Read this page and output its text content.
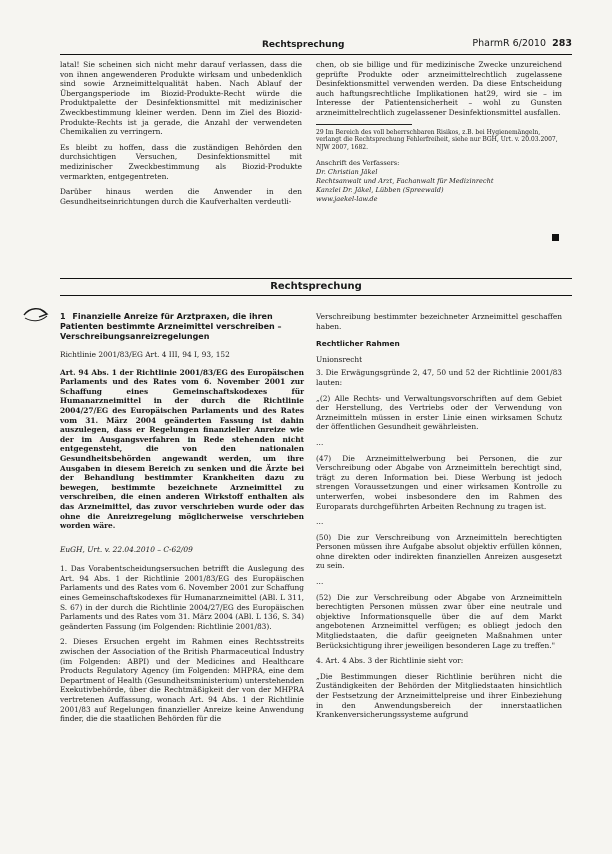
Rechtsprechung	PharmR 6/2010 283

latal! Sie scheinen sich nicht mehr darauf verlassen, dass die von ihnen angewenderen Produkte wirksam und unbedenklich sind sowie Arzneimittelqualität haben. Nach Ablauf der Übergangsperiode im Biozid-Produkte-Recht würde die Produktpalette der Desinfektionsmittel mit medizinischer Zweckbestimmung kleiner werden. Denn im Ziel des Biozid-Produkte-Rechts ist ja gerade, die Anzahl der verwendeten Chemikalien zu verringern.

Es bleibt zu hoffen, dass die zuständigen Behörden den durchsichtigen Versuchen, Desinfektionsmittel mit medizinischer Zweckbestimmung als Biozid-Produkte vermarkten, entgegentreten.

Darüber hinaus werden die Anwender in den Gesundheitseinrichtungen durch die Kaufverhalten verdeutli-

chen, ob sie billige und für medizinische Zwecke unzureichend geprüfte Produkte oder arzneimittelrechtlich zugelassene Desinfektionsmittel verwenden werden. Da diese Entscheidung auch haftungsrechtliche Implikationen hat29, wird sie – im Interesse der Patientensicherheit – wohl zu Gunsten arzneimittelrechtlich zugelassener Desinfektionsmittel ausfallen.

29 Im Bereich des voll beherrschbaren Risikos, z.B. bei Hygienemängeln, verlangt die Rechtsprechung Fehlerfreiheit, siehe nur BGH, Urt. v. 20.03.2007, NJW 2007, 1682.
Anschrift des Verfassers:
Dr. Christian Jäkel
Rechtsanwalt und Arzt, Fachanwalt für Medizinrecht
Kanzlei Dr. Jäkel, Lübben (Spreewald)
www.jaekel-law.de
Rechtsprechung
1 Finanzielle Anreize für Arztpraxen, die ihren Patienten bestimmte Arzneimittel verschreiben – Verschreibungsanreizregelungen
Richtlinie 2001/83/EG Art. 4 III, 94 I, 93, 152

Art. 94 Abs. 1 der Richtlinie 2001/83/EG des Europäischen Parlaments und des Rates vom 6. November 2001 zur Schaffung eines Gemeinschaftskodexes für Humanarzneimittel in der durch die Richtlinie 2004/27/EG des Europäischen Parlaments und des Rates vom 31. März 2004 geänderten Fassung ist dahin auszulegen, dass er Regelungen finanzieller Anreize wie der im Ausgangsverfahren in Rede stehenden nicht entgegensteht, die von den nationalen Gesundheitsbehörden angewandt werden, um ihre Ausgaben in diesem Bereich zu senken und die Ärzte bei der Behandlung bestimmter Krankheiten dazu zu bewegen, bestimmte bezeichnete Arzneimittel zu verschreiben, die einen anderen Wirkstoff enthalten als das Arzneimittel, das zuvor verschrieben wurde oder das ohne die Anreizregelung möglicherweise verschrieben worden wäre.

EuGH, Urt. v. 22.04.2010 – C-62/09

1. Das Vorabentscheidungsersuchen betrifft die Auslegung des Art. 94 Abs. 1 der Richtlinie 2001/83/EG des Europäischen Parlaments und des Rates vom 6. November 2001 zur Schaffung eines Gemeinschaftskodexes für Humanarzneimittel (ABl. L 311, S. 67) in der durch die Richtlinie 2004/27/EG des Europäischen Parlaments und des Rates vom 31. März 2004 (ABl. L 136, S. 34) geänderten Fassung (im Folgenden: Richtlinie 2001/83).

2. Dieses Ersuchen ergeht im Rahmen eines Rechtsstreits zwischen der Association of the British Pharmaceutical Industry (im Folgenden: ABPI) und der Medicines and Healthcare Products Regulatory Agency (im Folgenden: MHPRA, eine dem Department of Health (Gesundheitsministerium) unterstehenden Exekutivbehörde, über die Rechtmäßigkeit der von der MHPRA vertretenen Auffassung, wonach Art. 94 Abs. 1 der Richtlinie 2001/83 auf Regelungen finanzieller Anreize keine Anwendung finder, die die staatlichen Behörden für die

Verschreibung bestimmter bezeichneter Arzneimittel geschaffen haben.

Rechtlicher Rahmen
Unionsrecht

3. Die Erwägungsgründe 2, 47, 50 und 52 der Richtlinie 2001/83 lauten:

„(2) Alle Rechts- und Verwaltungsvorschriften auf dem Gebiet der Herstellung, des Vertriebs oder der Verwendung von Arzneimitteln müssen in erster Linie einen wirksamen Schutz der öffentlichen Gesundheit gewährleisten.

…

(47) Die Arzneimittelwerbung bei Personen, die zur Verschreibung oder Abgabe von Arzneimitteln berechtigt sind, trägt zu deren Information bei. Diese Werbung ist jedoch strengen Voraussetzungen und einer wirksamen Kontrolle zu unterwerfen, wobei insbesondere den im Rahmen des Europarats durchgeführten Arbeiten Rechnung zu tragen ist.

…

(50) Die zur Verschreibung von Arzneimitteln berechtigten Personen müssen ihre Aufgabe absolut objektiv erfüllen können, ohne direkten oder indirekten finanziellen Anreizen ausgesetzt zu sein.

…

(52) Die zur Verschreibung oder Abgabe von Arzneimitteln berechtigten Personen müssen zwar über eine neutrale und objektive Informationsquelle über die auf dem Markt angebotenen Arzneimittel verfügen; es obliegt jedoch den Mitgliedstaaten, die dafür geeigneten Maßnahmen unter Berücksichtigung ihrer jeweiligen besonderen Lage zu treffen."

4. Art. 4 Abs. 3 der Richtlinie sieht vor:

„Die Bestimmungen dieser Richtlinie berühren nicht die Zuständigkeiten der Behörden der Mitgliedstaaten hinsichtlich der Festsetzung der Arzneimittelpreise und ihrer Einbeziehung in den Anwendungsbereich der innerstaatlichen Krankenversicherungssysteme aufgrund
